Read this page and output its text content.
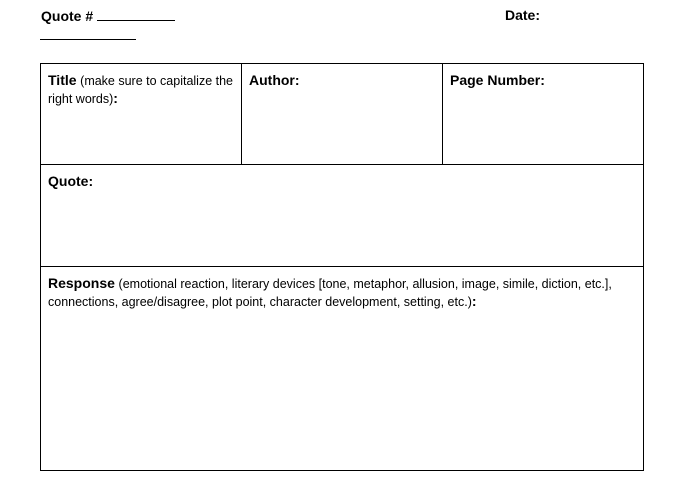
Quote #	Date:
Title (make sure to capitalize the right words):
Author:	Page Number:
Quote:
Response (emotional reaction, literary devices [tone, metaphor, allusion, image, simile, diction, etc.], connections, agree/disagree, plot point, character development, setting, etc.):
